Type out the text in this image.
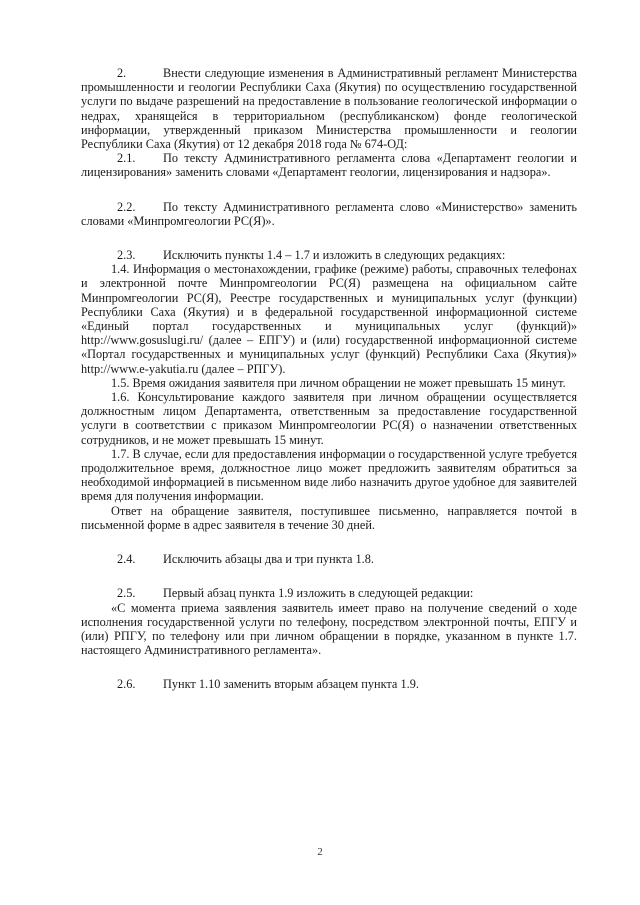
2.	Внести следующие изменения в Административный регламент Министерства промышленности и геологии Республики Саха (Якутия) по осуществлению государственной услуги по выдаче разрешений на предоставление в пользование геологической информации о недрах, хранящейся в территориальном (республиканском) фонде геологической информации, утвержденный приказом Министерства промышленности и геологии Республики Саха (Якутия) от 12 декабря 2018 года № 674-ОД:

2.1. По тексту Административного регламента слова «Департамент геологии и лицензирования» заменить словами «Департамент геологии, лицензирования и надзора».

2.2. По тексту Административного регламента слово «Министерство» заменить словами «Минпромгеологии РС(Я)».

2.3. Исключить пункты 1.4 – 1.7 и изложить в следующих редакциях:

1.4. Информация о местонахождении, графике (режиме) работы, справочных телефонах и электронной почте Минпромгеологии РС(Я) размещена на официальном сайте Минпромгеологии РС(Я), Реестре государственных и муниципальных услуг (функции) Республики Саха (Якутия) и в федеральной государственной информационной системе «Единый портал государственных и муниципальных услуг (функций)» http://www.gosuslugi.ru/ (далее – ЕПГУ) и (или) государственной информационной системе «Портал государственных и муниципальных услуг (функций) Республики Саха (Якутия)» http://www.e-yakutia.ru (далее – РПГУ).

1.5. Время ожидания заявителя при личном обращении не может превышать 15 минут.

1.6. Консультирование каждого заявителя при личном обращении осуществляется должностным лицом Департамента, ответственным за предоставление государственной услуги в соответствии с приказом Минпромгеологии РС(Я) о назначении ответственных сотрудников, и не может превышать 15 минут.

1.7. В случае, если для предоставления информации о государственной услуге требуется продолжительное время, должностное лицо может предложить заявителям обратиться за необходимой информацией в письменном виде либо назначить другое удобное для заявителей время для получения информации.

Ответ на обращение заявителя, поступившее письменно, направляется почтой в письменной форме в адрес заявителя в течение 30 дней.

2.4. Исключить абзацы два и три пункта 1.8.

2.5. Первый абзац пункта 1.9 изложить в следующей редакции:

«С момента приема заявления заявитель имеет право на получение сведений о ходе исполнения государственной услуги по телефону, посредством электронной почты, ЕПГУ и (или) РПГУ, по телефону или при личном обращении в порядке, указанном в пункте 1.7. настоящего Административного регламента».

2.6. Пункт 1.10 заменить вторым абзацем пункта 1.9.

2
